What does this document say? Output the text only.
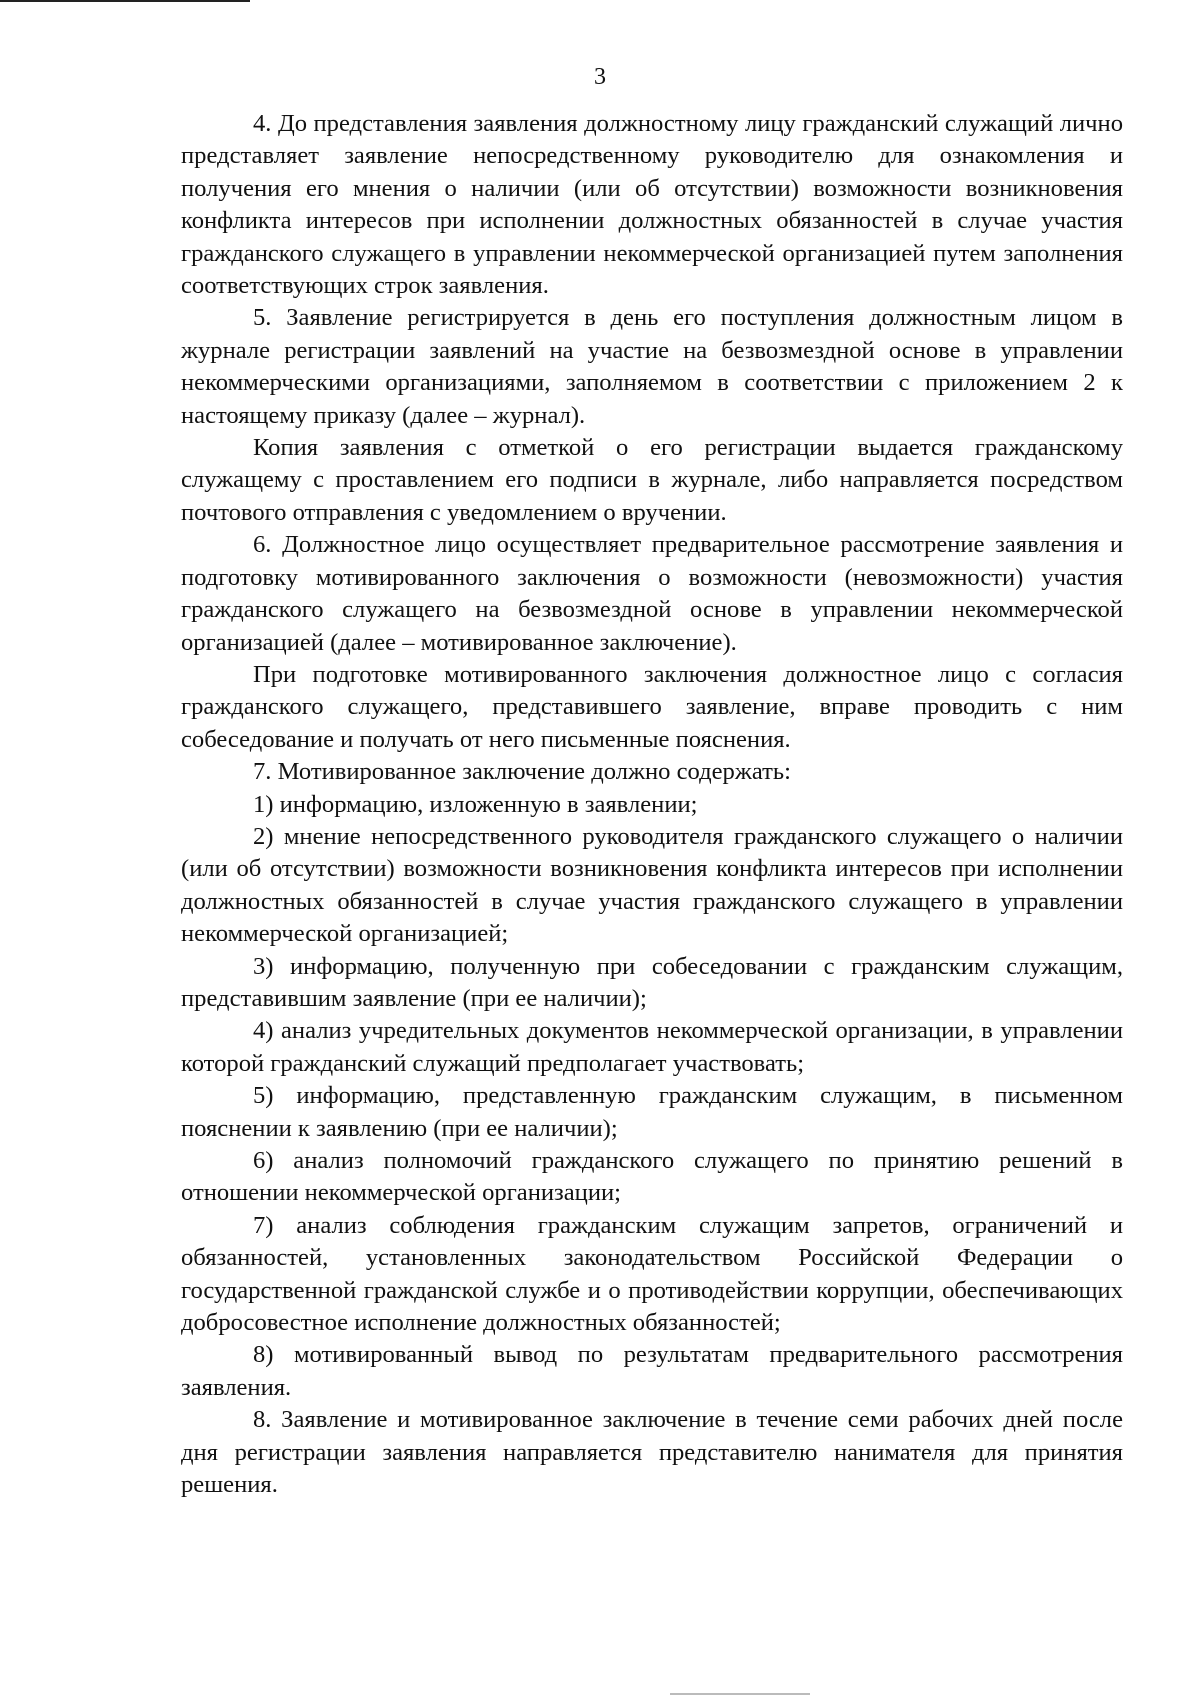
3

4. До представления заявления должностному лицу гражданский служащий лично представляет заявление непосредственному руководителю для ознакомления и получения его мнения о наличии (или об отсутствии) возможности возникновения конфликта интересов при исполнении должностных обязанностей в случае участия гражданского служащего в управлении некоммерческой организацией путем заполнения соответствующих строк заявления.

5. Заявление регистрируется в день его поступления должностным лицом в журнале регистрации заявлений на участие на безвозмездной основе в управлении некоммерческими организациями, заполняемом в соответствии с приложением 2 к настоящему приказу (далее – журнал).

Копия заявления с отметкой о его регистрации выдается гражданскому служащему с проставлением его подписи в журнале, либо направляется посредством почтового отправления с уведомлением о вручении.

6. Должностное лицо осуществляет предварительное рассмотрение заявления и подготовку мотивированного заключения о возможности (невозможности) участия гражданского служащего на безвозмездной основе в управлении некоммерческой организацией (далее – мотивированное заключение).

При подготовке мотивированного заключения должностное лицо с согласия гражданского служащего, представившего заявление, вправе проводить с ним собеседование и получать от него письменные пояснения.

7. Мотивированное заключение должно содержать:

1) информацию, изложенную в заявлении;

2) мнение непосредственного руководителя гражданского служащего о наличии (или об отсутствии) возможности возникновения конфликта интересов при исполнении должностных обязанностей в случае участия гражданского служащего в управлении некоммерческой организацией;

3) информацию, полученную при собеседовании с гражданским служащим, представившим заявление (при ее наличии);

4) анализ учредительных документов некоммерческой организации, в управлении которой гражданский служащий предполагает участвовать;

5) информацию, представленную гражданским служащим, в письменном пояснении к заявлению (при ее наличии);

6) анализ полномочий гражданского служащего по принятию решений в отношении некоммерческой организации;

7) анализ соблюдения гражданским служащим запретов, ограничений и обязанностей, установленных законодательством Российской Федерации о государственной гражданской службе и о противодействии коррупции, обеспечивающих добросовестное исполнение должностных обязанностей;

8) мотивированный вывод по результатам предварительного рассмотрения заявления.

8. Заявление и мотивированное заключение в течение семи рабочих дней после дня регистрации заявления направляется представителю нанимателя для принятия решения.
